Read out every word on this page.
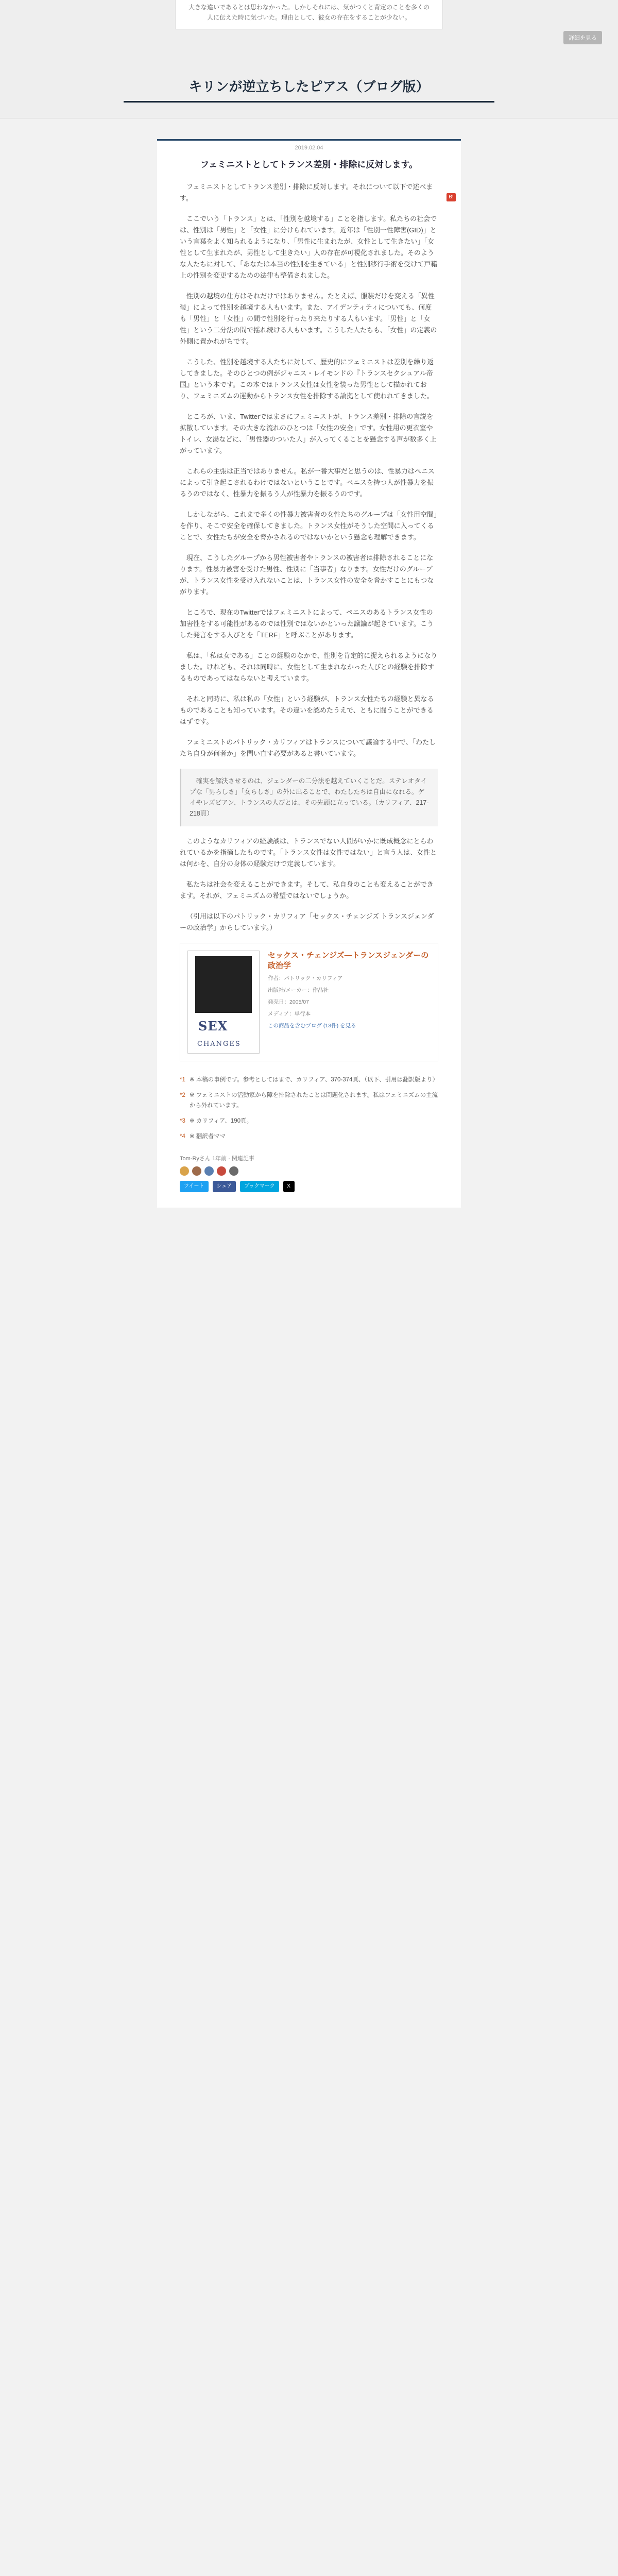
大きな違いであるとは思わなかった。しかしそれには、気がつくと背定のことを多くの人に伝えた時に気づいた。理由として、彼女の存在をすることが少ない。
詳細を見る
キリンが逆立ちしたピアス（ブログ版）
2019.02.04
フェミニストとしてトランス差別・排除に反対します。
B!

フェミニストとしてトランス差別・排除に反対します。それについて以下で述べます。

ここでいう「トランス」とは、「性別を越境する」ことを指します。私たちの社会では、性別は「男性」と「女性」に分けられています。近年は「性別一性障害(GID)」という言葉をよく知られるようになり、「男性に生まれたが、女性として生きたい」「女性として生まれたが、男性として生きたい」人の存在が可視化されました。そのような人たちに対して、「あなたは本当の性別を生きている」と性別移行手術を受けて戸籍上の性別を変更するための法律も整備されました。

性別の越境の仕方はそれだけではありません。たとえば、服装だけを変える「異性装」によって性別を越境する人もいます。また、アイデンティティについても、何度も「男性」と「女性」の間で性別を行ったり来たりする人もいます。「男性」と「女性」という二分法の間で揺れ続ける人もいます。こうした人たちも、「女性」の定義の外側に置かれがちです。

こうした、性別を越境する人たちに対して、歴史的にフェミニストは差別を繰り返してきました。そのひとつの例がジャニス・レイモンドの『トランスセクシュアル帝国』という本です。この本ではトランス女性は女性を装った男性として描かれており、フェミニズムの運動からトランス女性を排除する論拠として使われてきました。

ところが、いま、Twitterではまさにフェミニストが、トランス差別・排除の言説を拡散しています。その大きな流れのひとつは「女性の安全」です。女性用の更衣室やトイレ、女湯などに、「男性器のついた人」が入ってくることを懸念する声が数多く上がっています。

これらの主張は正当ではありません。私が一番大事だと思うのは、性暴力はペニスによって引き起こされるわけではないということです。ペニスを持つ人が性暴力を振るうのではなく、性暴力を振るう人が性暴力を振るうのです。

しかしながら、これまで多くの性暴力被害者の女性たちのグループは「女性用空間」を作り、そこで安全を確保してきました。トランス女性がそうした空間に入ってくることで、女性たちが安全を脅かされるのではないかという懸念も理解できます。

現在、こうしたグループから男性被害者やトランスの被害者は排除されることになります。性暴力被害を受けた男性、性別に「当事者」なります。女性だけのグループが、トランス女性を受け入れないことは、トランス女性の安全を脅かすことにもつながります。

ところで、現在のTwitterではフェミニストによって、ペニスのあるトランス女性の加害性をする可能性があるのでは性別ではないかといった議論が起きています。こうした発言をする人びとを「TERF」と呼ぶことがあります。

私は、「私は女である」ことの経験のなかで、性別を肯定的に捉えられるようになりました。けれども、それは同時に、女性として生まれなかった人びとの経験を排除するものであってはならないと考えています。

それと同時に、私は私の「女性」という経験が、トランス女性たちの経験と異なるものであることも知っています。その違いを認めたうえで、ともに闘うことができるはずです。

フェミニストのパトリック・カリフィアはトランスについて議論する中で、「わたしたち自身が何者か」を問い直す必要があると書いています。

確実を解決させるのは、ジェンダーの二分法を越えていくことだ。ステレオタイプな「男らしさ」「女らしさ」の外に出ることで、わたしたちは自由になれる。ゲイやレズビアン、トランスの人びとは、その先頭に立っている。（カリフィア、217-218頁）

このようなカリフィアの経験談は、トランスでない人間がいかに既成概念にとらわれているかを指摘したものです。「トランス女性は女性ではない」と言う人は、女性とは何かを、自分の身体の経験だけで定義しています。

私たちは社会を変えることができます。そして、私自身のことも変えることができます。それが、フェミニズムの希望ではないでしょうか。

（引用は以下のパトリック・カリフィア「セックス・チェンジズ トランスジェンダーの政治学」からしています。）

SEX
CHANGES
セックス・チェンジズ―トランスジェンダーの政治学
作者：パトリック・カリフィア
出版社/メーカー：作品社
発売日：2005/07
メディア：単行本
この商品を含むブログ (13件) を見る
*1 ※ 本稿の事例です。参考としてはまで、カリフィア、370-374頁、（以下、引用は翻訳版より）
*2 ※ フェミニストの活動家から障を排除されたことは問題化されます。私はフェミニズムの主流から外れています。
*3 ※ カリフィア、190頁。
*4 ※ 翻訳者ママ
Tom-Ryさん 1年前 · 関連記事
ツイート	シェア	ブックマーク	X
